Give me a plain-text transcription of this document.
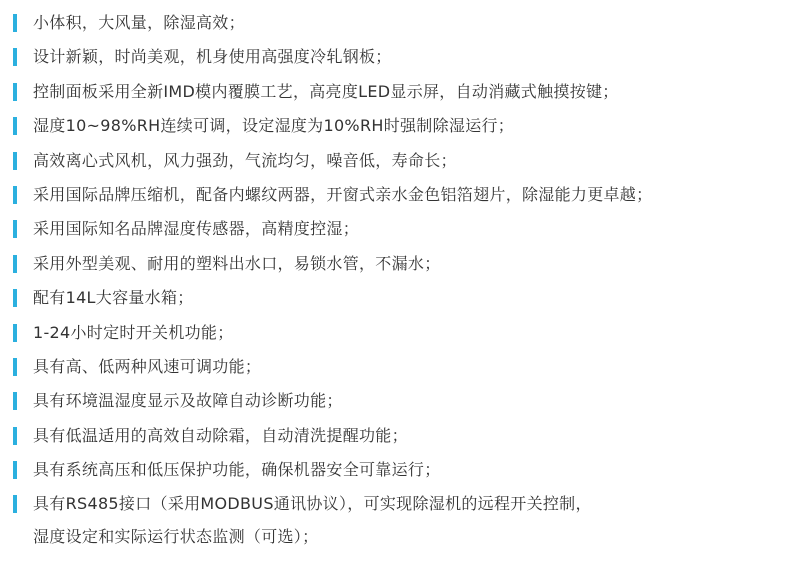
小体积，大风量，除湿高效；
设计新颖，时尚美观，机身使用高强度冷轧钢板；
控制面板采用全新IMD模内覆膜工艺，高亮度LED显示屏，自动消藏式触摸按键；
湿度10~98%RH连续可调，设定湿度为10%RH时强制除湿运行；
高效离心式风机，风力强劲，气流均匀，噪音低，寿命长；
采用国际品牌压缩机，配备内螺纹两器，开窗式亲水金色铝箔翅片，除湿能力更卓越；
采用国际知名品牌湿度传感器，高精度控湿；
采用外型美观、耐用的塑料出水口，易锁水管，不漏水；
配有14L大容量水箱；
1-24小时定时开关机功能；
具有高、低两种风速可调功能；
具有环境温湿度显示及故障自动诊断功能；
具有低温适用的高效自动除霜，自动清洗提醒功能；
具有系统高压和低压保护功能，确保机器安全可靠运行；
具有RS485接口（采用MODBUS通讯协议），可实现除湿机的远程开关控制，
湿度设定和实际运行状态监测（可选）；
